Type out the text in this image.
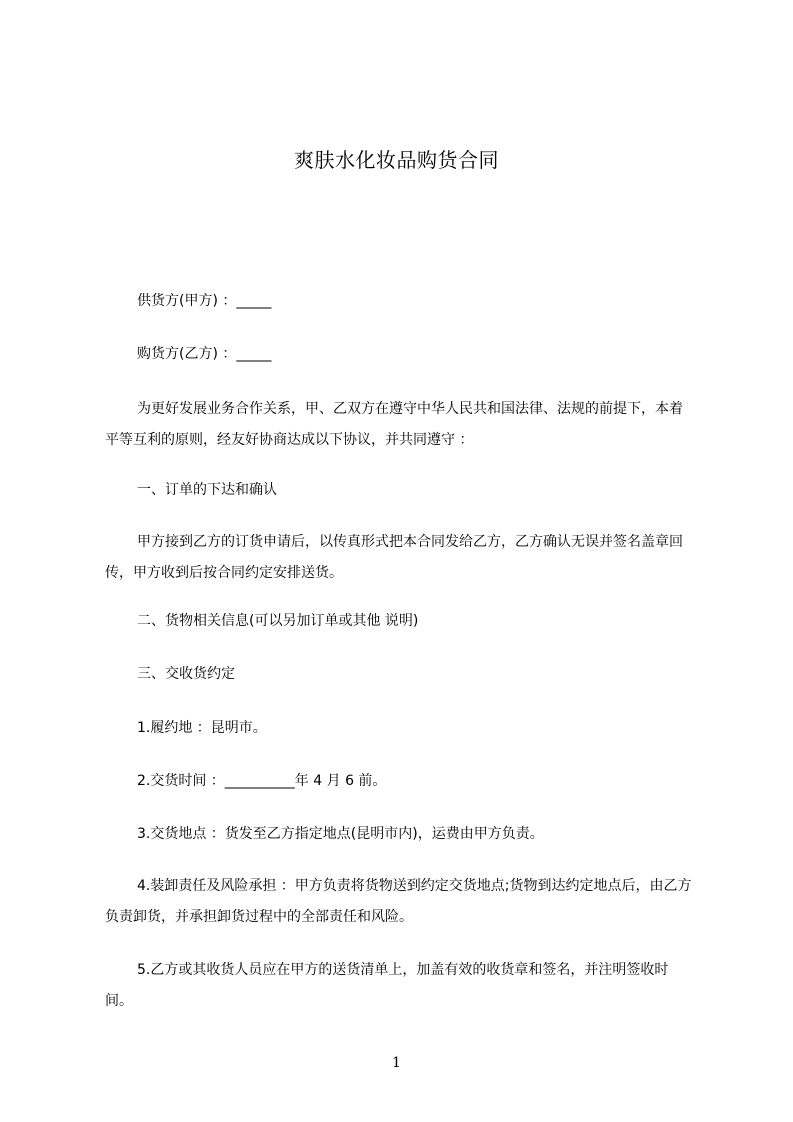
爽肤水化妆品购货合同
供货方(甲方) ：_____
购货方(乙方) ：_____
为更好发展业务合作关系，甲、乙双方在遵守中华人民共和国法律、法规的前提下，本着平等互利的原则，经友好协商达成以下协议，并共同遵守 ：
一、订单的下达和确认
甲方接到乙方的订货申请后，以传真形式把本合同发给乙方，乙方确认无误并签名盖章回传，甲方收到后按合同约定安排送货。
二、货物相关信息(可以另加订单或其他 说明)
三、交收货约定
1.履约地 ：昆明市。
2.交货时间 ：__________年 4 月 6 前。
3.交货地点 ：货发至乙方指定地点(昆明市内)，运费由甲方负责。
4.装卸责任及风险承担 ：甲方负责将货物送到约定交货地点;货物到达约定地点后，由乙方负责卸货，并承担卸货过程中的全部责任和风险。
5.乙方或其收货人员应在甲方的送货清单上，加盖有效的收货章和签名，并注明签收时间。
1
